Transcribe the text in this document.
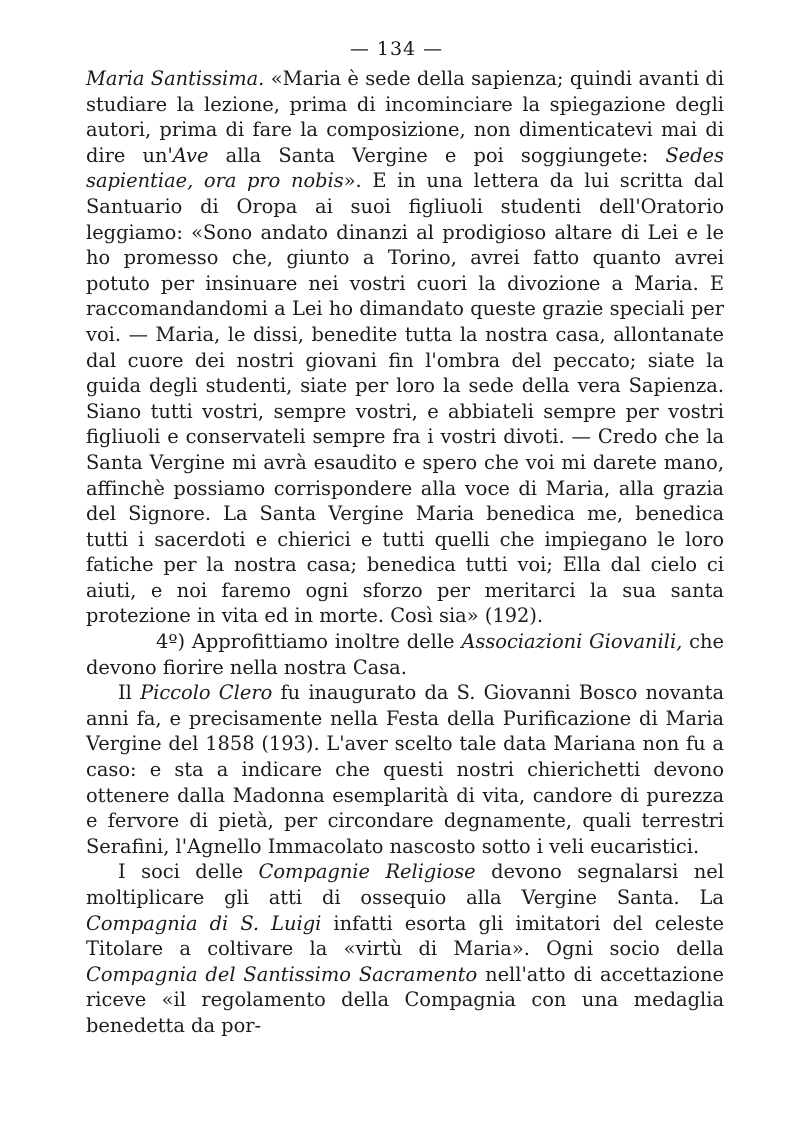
— 134 —

Maria Santissima. «Maria è sede della sapienza; quindi avanti di studiare la lezione, prima di incominciare la spiegazione degli autori, prima di fare la composizione, non dimenticatevi mai di dire un'Ave alla Santa Vergine e poi soggiungete: Sedes sapientiae, ora pro nobis». E in una lettera da lui scritta dal Santuario di Oropa ai suoi figliuoli studenti dell'Oratorio leggiamo: «Sono andato dinanzi al prodigioso altare di Lei e le ho promesso che, giunto a Torino, avrei fatto quanto avrei potuto per insinuare nei vostri cuori la divozione a Maria. E raccomandandomi a Lei ho dimandato queste grazie speciali per voi. — Maria, le dissi, benedite tutta la nostra casa, allontanate dal cuore dei nostri giovani fin l'ombra del peccato; siate la guida degli studenti, siate per loro la sede della vera Sapienza. Siano tutti vostri, sempre vostri, e abbiateli sempre per vostri figliuoli e conservateli sempre fra i vostri divoti. — Credo che la Santa Vergine mi avrà esaudito e spero che voi mi darete mano, affinchè possiamo corrispondere alla voce di Maria, alla grazia del Signore. La Santa Vergine Maria benedica me, benedica tutti i sacerdoti e chierici e tutti quelli che impiegano le loro fatiche per la nostra casa; benedica tutti voi; Ella dal cielo ci aiuti, e noi faremo ogni sforzo per meritarci la sua santa protezione in vita ed in morte. Così sia» (192).

4º) Approfittiamo inoltre delle Associazioni Giovanili, che devono fiorire nella nostra Casa.

Il Piccolo Clero fu inaugurato da S. Giovanni Bosco novanta anni fa, e precisamente nella Festa della Purificazione di Maria Vergine del 1858 (193). L'aver scelto tale data Mariana non fu a caso: e sta a indicare che questi nostri chierichetti devono ottenere dalla Madonna esemplarità di vita, candore di purezza e fervore di pietà, per circondare degnamente, quali terrestri Serafini, l'Agnello Immacolato nascosto sotto i veli eucaristici.

I soci delle Compagnie Religiose devono segnalarsi nel moltiplicare gli atti di ossequio alla Vergine Santa. La Compagnia di S. Luigi infatti esorta gli imitatori del celeste Titolare a coltivare la «virtù di Maria». Ogni socio della Compagnia del Santissimo Sacramento nell'atto di accettazione riceve «il regolamento della Compagnia con una medaglia benedetta da por-
